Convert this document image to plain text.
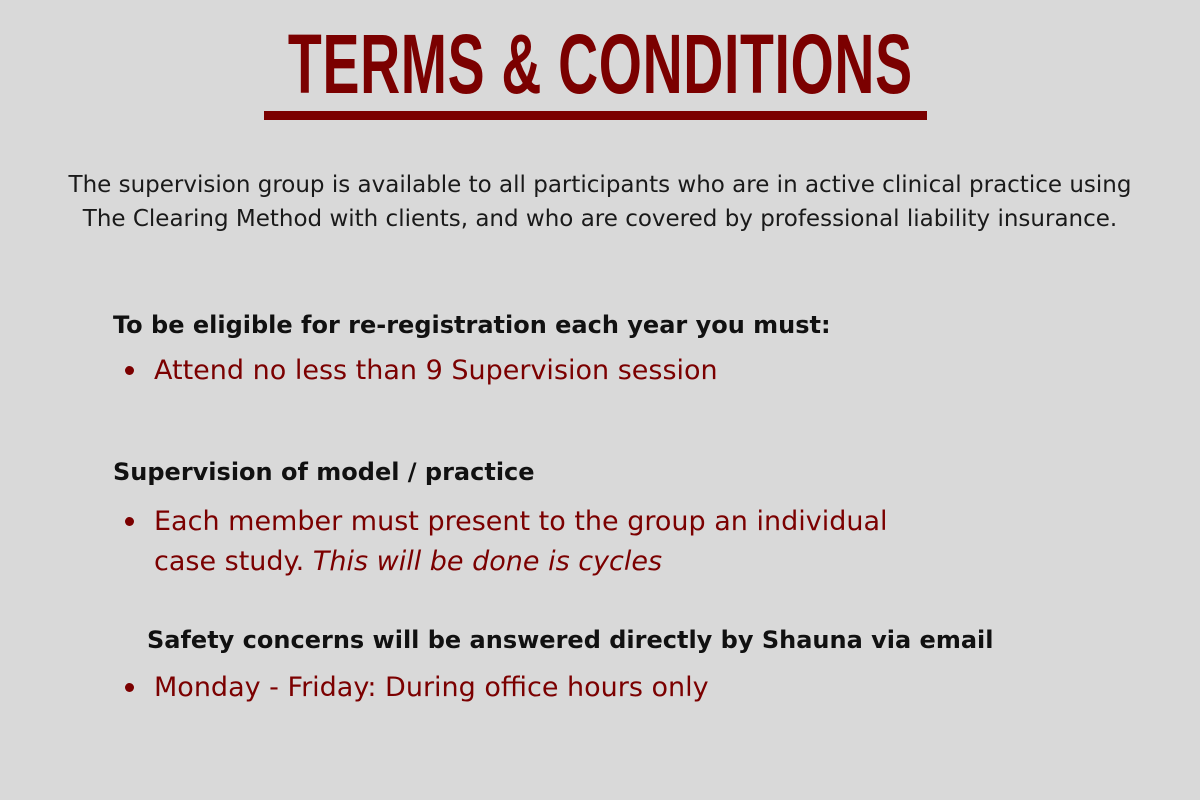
TERMS & CONDITIONS

The supervision group is available to all participants who are in active clinical practice using The Clearing Method with clients, and who are covered by professional liability insurance.

To be eligible for re-registration each year you must:
Attend no less than 9 Supervision session
Supervision of model / practice
Each member must present to the group an individual
case study. This will be done is cycles
Safety concerns will be answered directly by Shauna via email
Monday - Friday: During office hours only
